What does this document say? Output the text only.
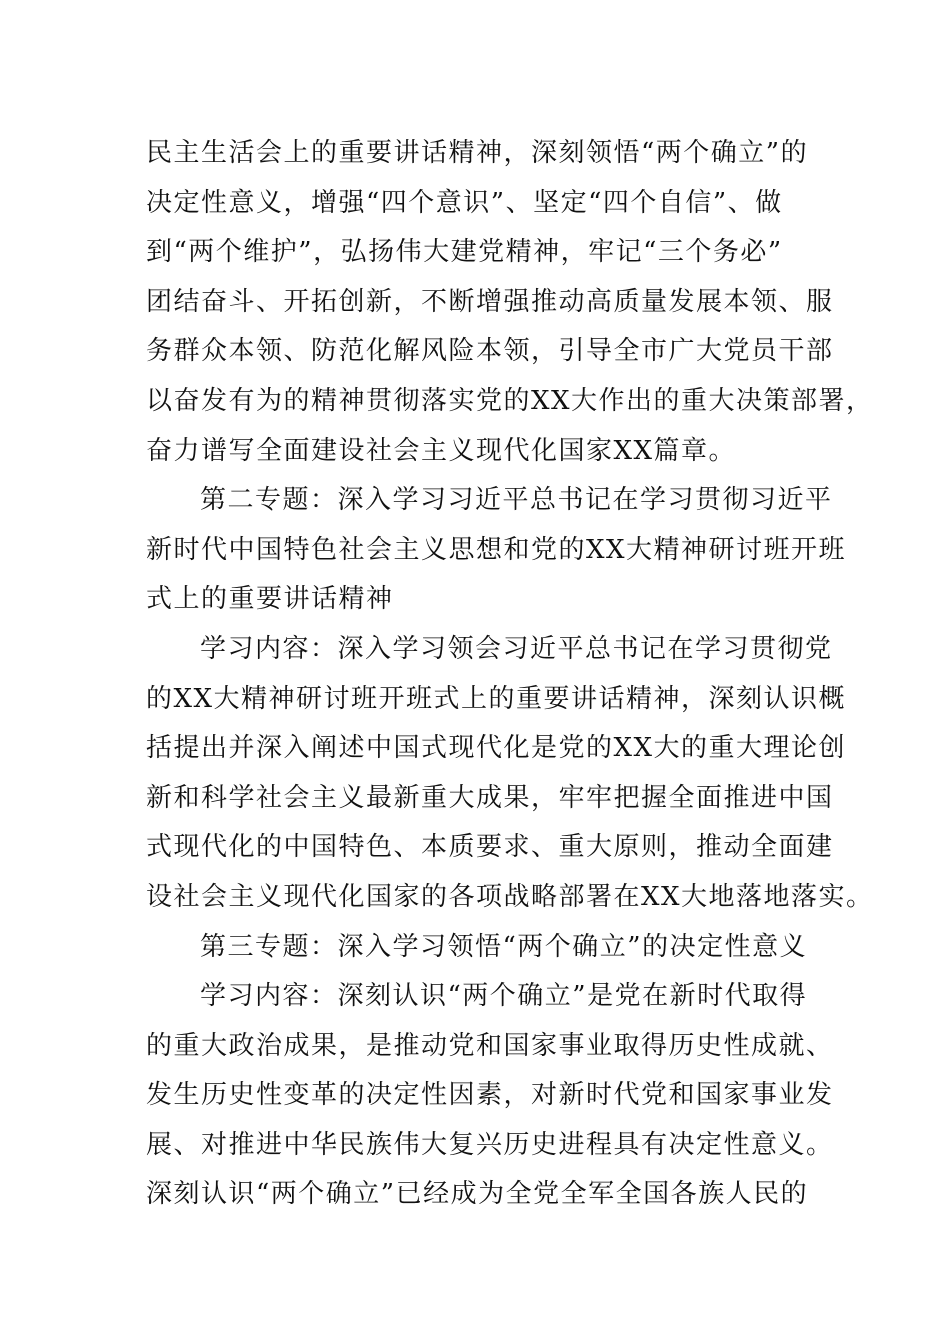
民主生活会上的重要讲话精神，深刻领悟“两个确立”的
决定性意义，增强“四个意识”、坚定“四个自信”、做
到“两个维护”，弘扬伟大建党精神，牢记“三个务必”
团结奋斗、开拓创新，不断增强推动高质量发展本领、服
务群众本领、防范化解风险本领，引导全市广大党员干部
以奋发有为的精神贯彻落实党的XX大作出的重大决策部署，
奋力谱写全面建设社会主义现代化国家XX篇章。
第二专题：深入学习习近平总书记在学习贯彻习近平
新时代中国特色社会主义思想和党的XX大精神研讨班开班
式上的重要讲话精神
学习内容：深入学习领会习近平总书记在学习贯彻党
的XX大精神研讨班开班式上的重要讲话精神，深刻认识概
括提出并深入阐述中国式现代化是党的XX大的重大理论创
新和科学社会主义最新重大成果，牢牢把握全面推进中国
式现代化的中国特色、本质要求、重大原则，推动全面建
设社会主义现代化国家的各项战略部署在XX大地落地落实。
第三专题：深入学习领悟“两个确立”的决定性意义
学习内容：深刻认识“两个确立”是党在新时代取得
的重大政治成果，是推动党和国家事业取得历史性成就、
发生历史性变革的决定性因素，对新时代党和国家事业发
展、对推进中华民族伟大复兴历史进程具有决定性意义。
深刻认识“两个确立”已经成为全党全军全国各族人民的
